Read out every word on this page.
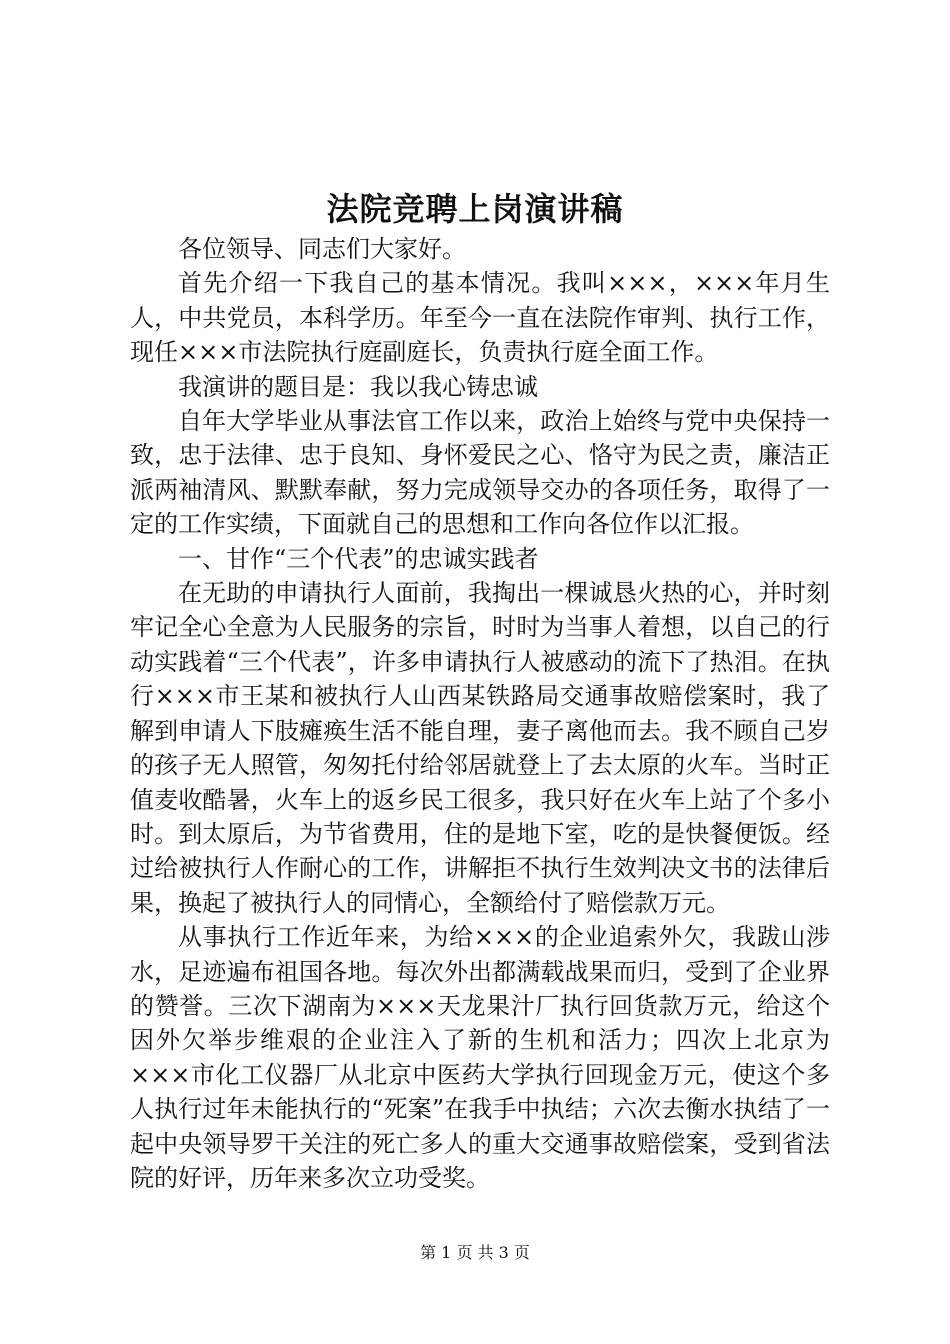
法院竞聘上岗演讲稿

各位领导、同志们大家好。

首先介绍一下我自己的基本情况。我叫×××，×××年月生人，中共党员，本科学历。年至今一直在法院作审判、执行工作，现任×××市法院执行庭副庭长，负责执行庭全面工作。

我演讲的题目是：我以我心铸忠诚

自年大学毕业从事法官工作以来，政治上始终与党中央保持一致，忠于法律、忠于良知、身怀爱民之心、恪守为民之责，廉洁正派两袖清风、默默奉献，努力完成领导交办的各项任务，取得了一定的工作实绩，下面就自己的思想和工作向各位作以汇报。

一、甘作“三个代表”的忠诚实践者

在无助的申请执行人面前，我掏出一棵诚恳火热的心，并时刻牢记全心全意为人民服务的宗旨，时时为当事人着想，以自己的行动实践着“三个代表”，许多申请执行人被感动的流下了热泪。在执行×××市王某和被执行人山西某铁路局交通事故赔偿案时，我了解到申请人下肢瘫痪生活不能自理，妻子离他而去。我不顾自己岁的孩子无人照管，匆匆托付给邻居就登上了去太原的火车。当时正值麦收酷暑，火车上的返乡民工很多，我只好在火车上站了个多小时。到太原后，为节省费用，住的是地下室，吃的是快餐便饭。经过给被执行人作耐心的工作，讲解拒不执行生效判决文书的法律后果，换起了被执行人的同情心，全额给付了赔偿款万元。

从事执行工作近年来，为给×××的企业追索外欠，我跋山涉水，足迹遍布祖国各地。每次外出都满载战果而归，受到了企业界的赞誉。三次下湖南为×××天龙果汁厂执行回货款万元，给这个因外欠举步维艰的企业注入了新的生机和活力；四次上北京为×××市化工仪器厂从北京中医药大学执行回现金万元，使这个多人执行过年未能执行的“死案”在我手中执结；六次去衡水执结了一起中央领导罗干关注的死亡多人的重大交通事故赔偿案，受到省法院的好评，历年来多次立功受奖。

第 1 页 共 3 页
